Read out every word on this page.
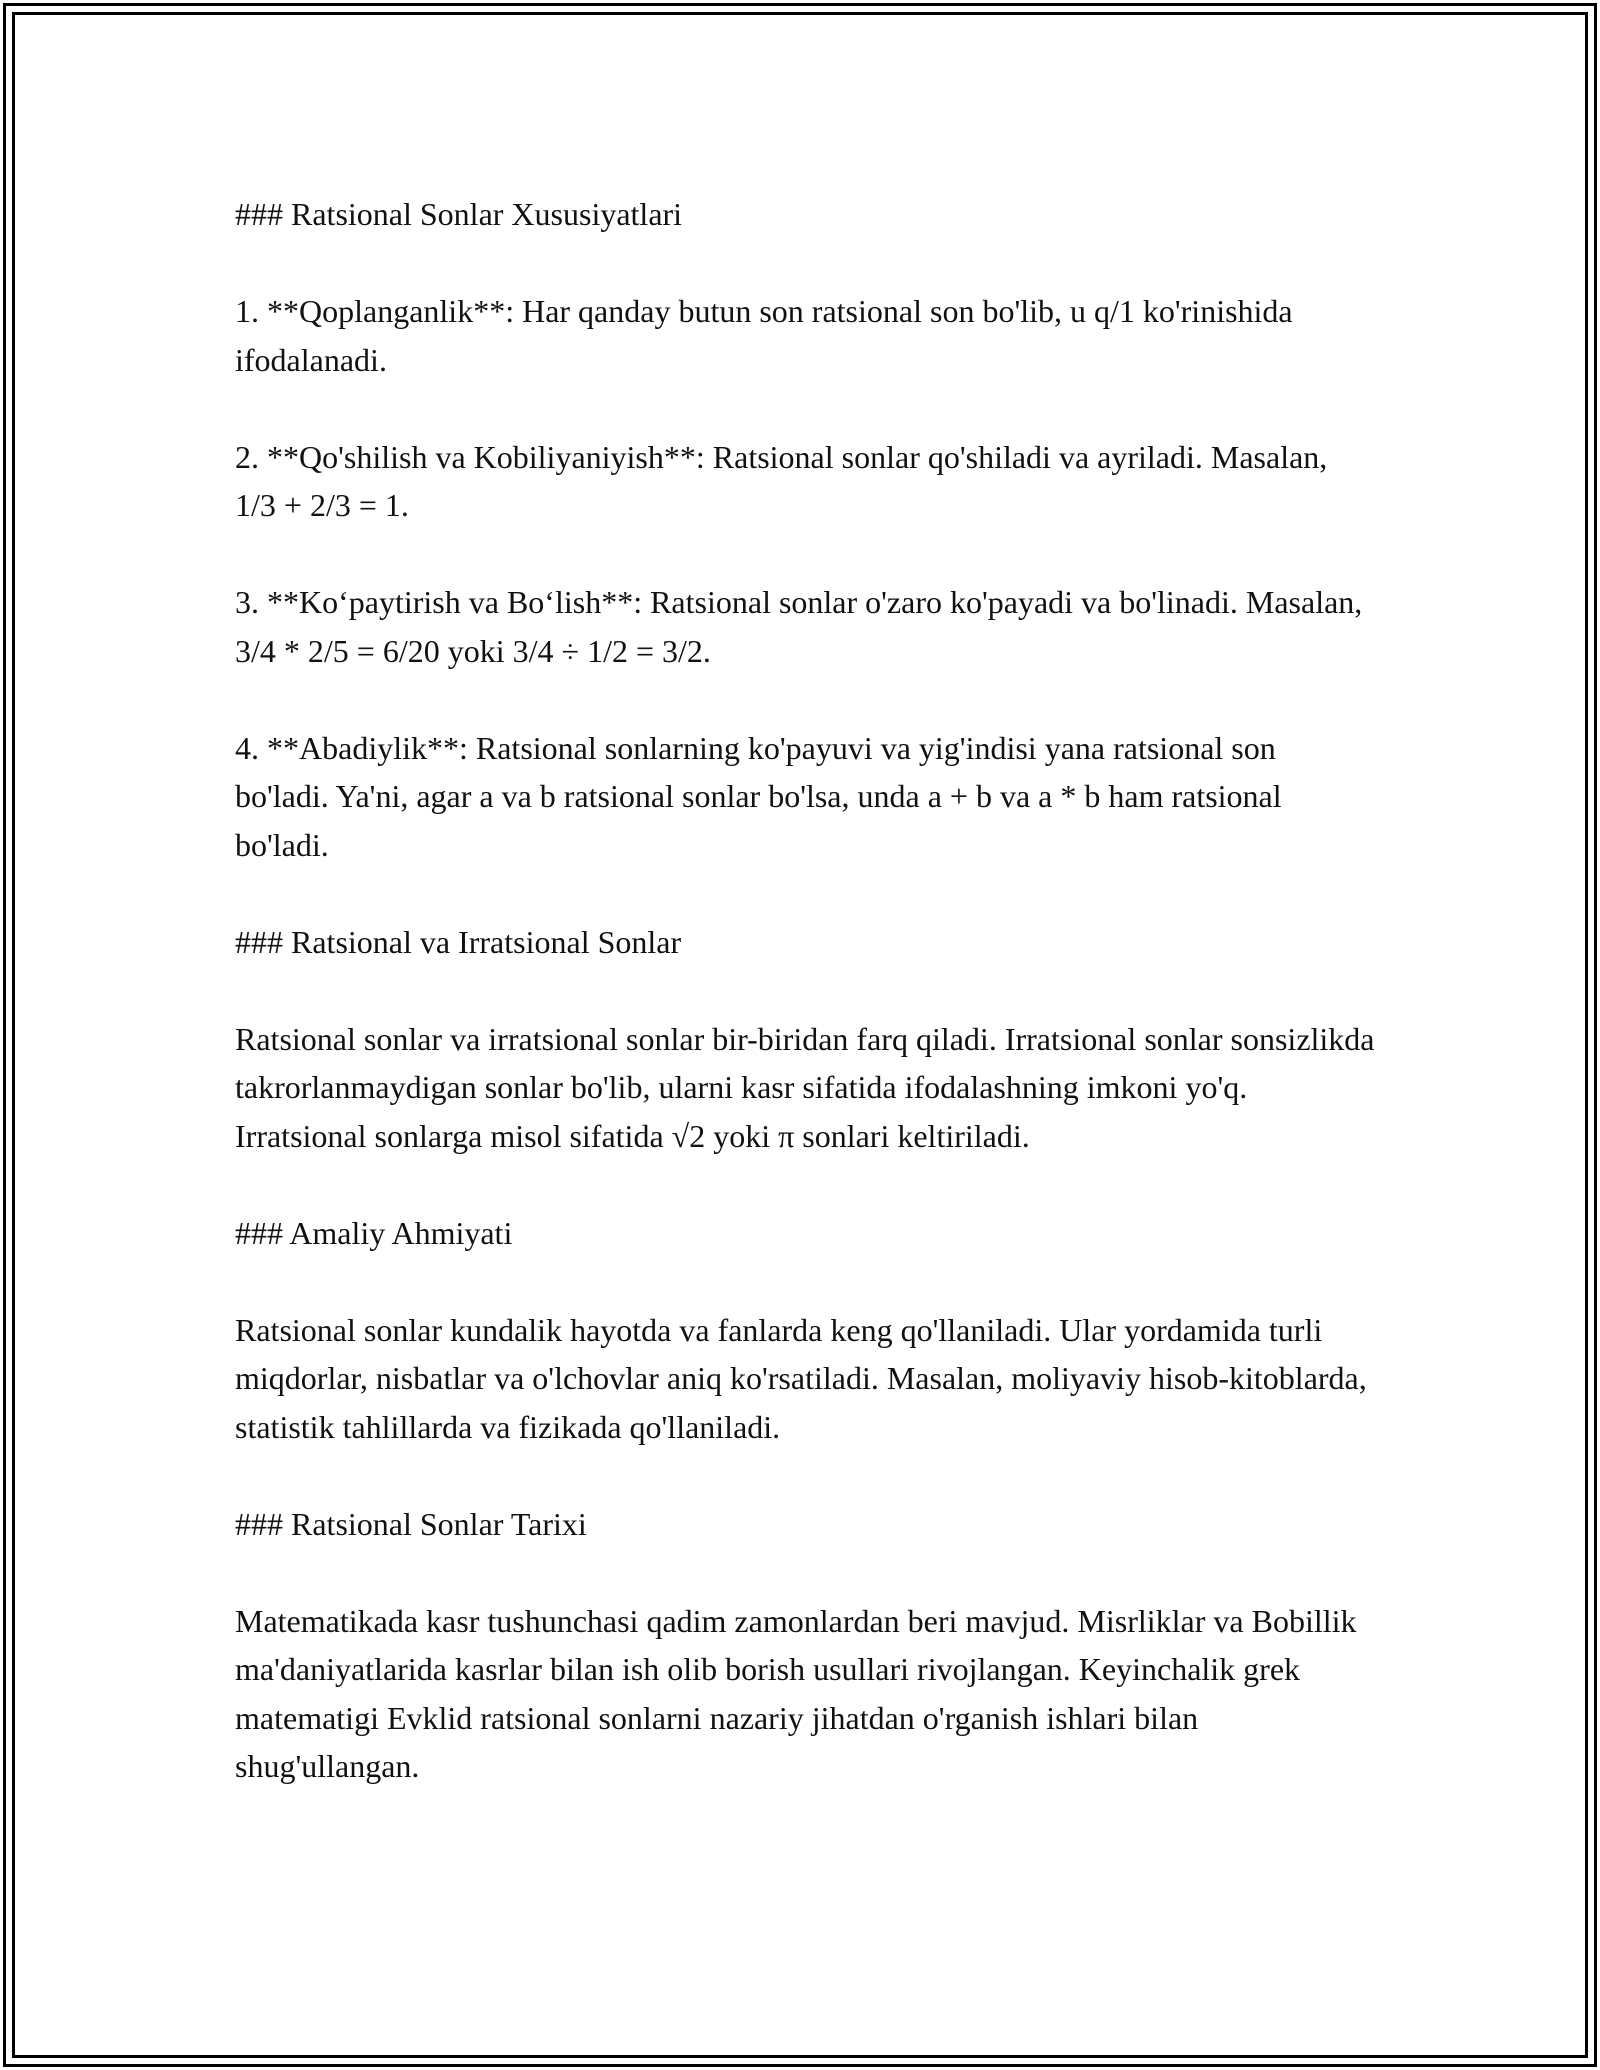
### Ratsional Sonlar Xususiyatlari

1. **Qoplanganlik**: Har qanday butun son ratsional son bo'lib, u q/1 ko'rinishida ifodalanadi.

2. **Qo'shilish va Kobiliyaniyish**: Ratsional sonlar qo'shiladi va ayriladi. Masalan, 1/3 + 2/3 = 1.

3. **Ko‘paytirish va Bo‘lish**: Ratsional sonlar o'zaro ko'payadi va bo'linadi. Masalan, 3/4 * 2/5 = 6/20 yoki 3/4 ÷ 1/2 = 3/2.

4. **Abadiylik**: Ratsional sonlarning ko'payuvi va yig'indisi yana ratsional son bo'ladi. Ya'ni, agar a va b ratsional sonlar bo'lsa, unda a + b va a * b ham ratsional bo'ladi.

### Ratsional va Irratsional Sonlar

Ratsional sonlar va irratsional sonlar bir-biridan farq qiladi. Irratsional sonlar sonsizlikda takrorlanmaydigan sonlar bo'lib, ularni kasr sifatida ifodalashning imkoni yo'q. Irratsional sonlarga misol sifatida √2 yoki π sonlari keltiriladi.

### Amaliy Ahmiyati

Ratsional sonlar kundalik hayotda va fanlarda keng qo'llaniladi. Ular yordamida turli miqdorlar, nisbatlar va o'lchovlar aniq ko'rsatiladi. Masalan, moliyaviy hisob-kitoblarda, statistik tahlillarda va fizikada qo'llaniladi.

### Ratsional Sonlar Tarixi

Matematikada kasr tushunchasi qadim zamonlardan beri mavjud. Misrliklar va Bobillik ma'daniyatlarida kasrlar bilan ish olib borish usullari rivojlangan. Keyinchalik grek matematigi Evklid ratsional sonlarni nazariy jihatdan o'rganish ishlari bilan shug'ullangan.
